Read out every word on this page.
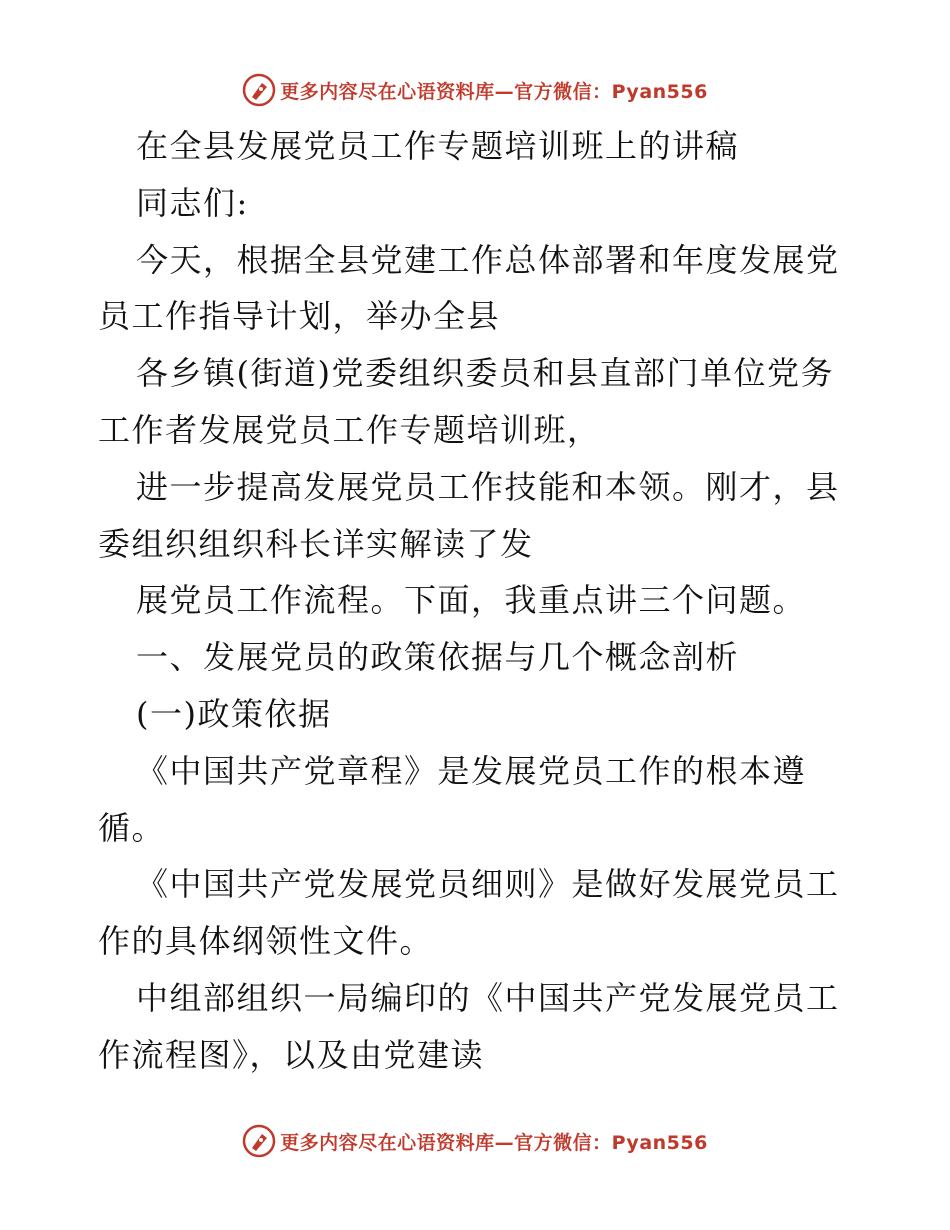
更多内容尽在心语资料库—官方微信：Pyan556
在全县发展党员工作专题培训班上的讲稿
同志们:
今天，根据全县党建工作总体部署和年度发展党
员工作指导计划，举办全县
各乡镇(街道)党委组织委员和县直部门单位党务
工作者发展党员工作专题培训班，
进一步提高发展党员工作技能和本领。刚才，县
委组织组织科长详实解读了发
展党员工作流程。下面，我重点讲三个问题。
一、发展党员的政策依据与几个概念剖析
(一)政策依据
《中国共产党章程》是发展党员工作的根本遵
循。
《中国共产党发展党员细则》是做好发展党员工
作的具体纲领性文件。
中组部组织一局编印的《中国共产党发展党员工
作流程图》，以及由党建读
更多内容尽在心语资料库—官方微信：Pyan556
